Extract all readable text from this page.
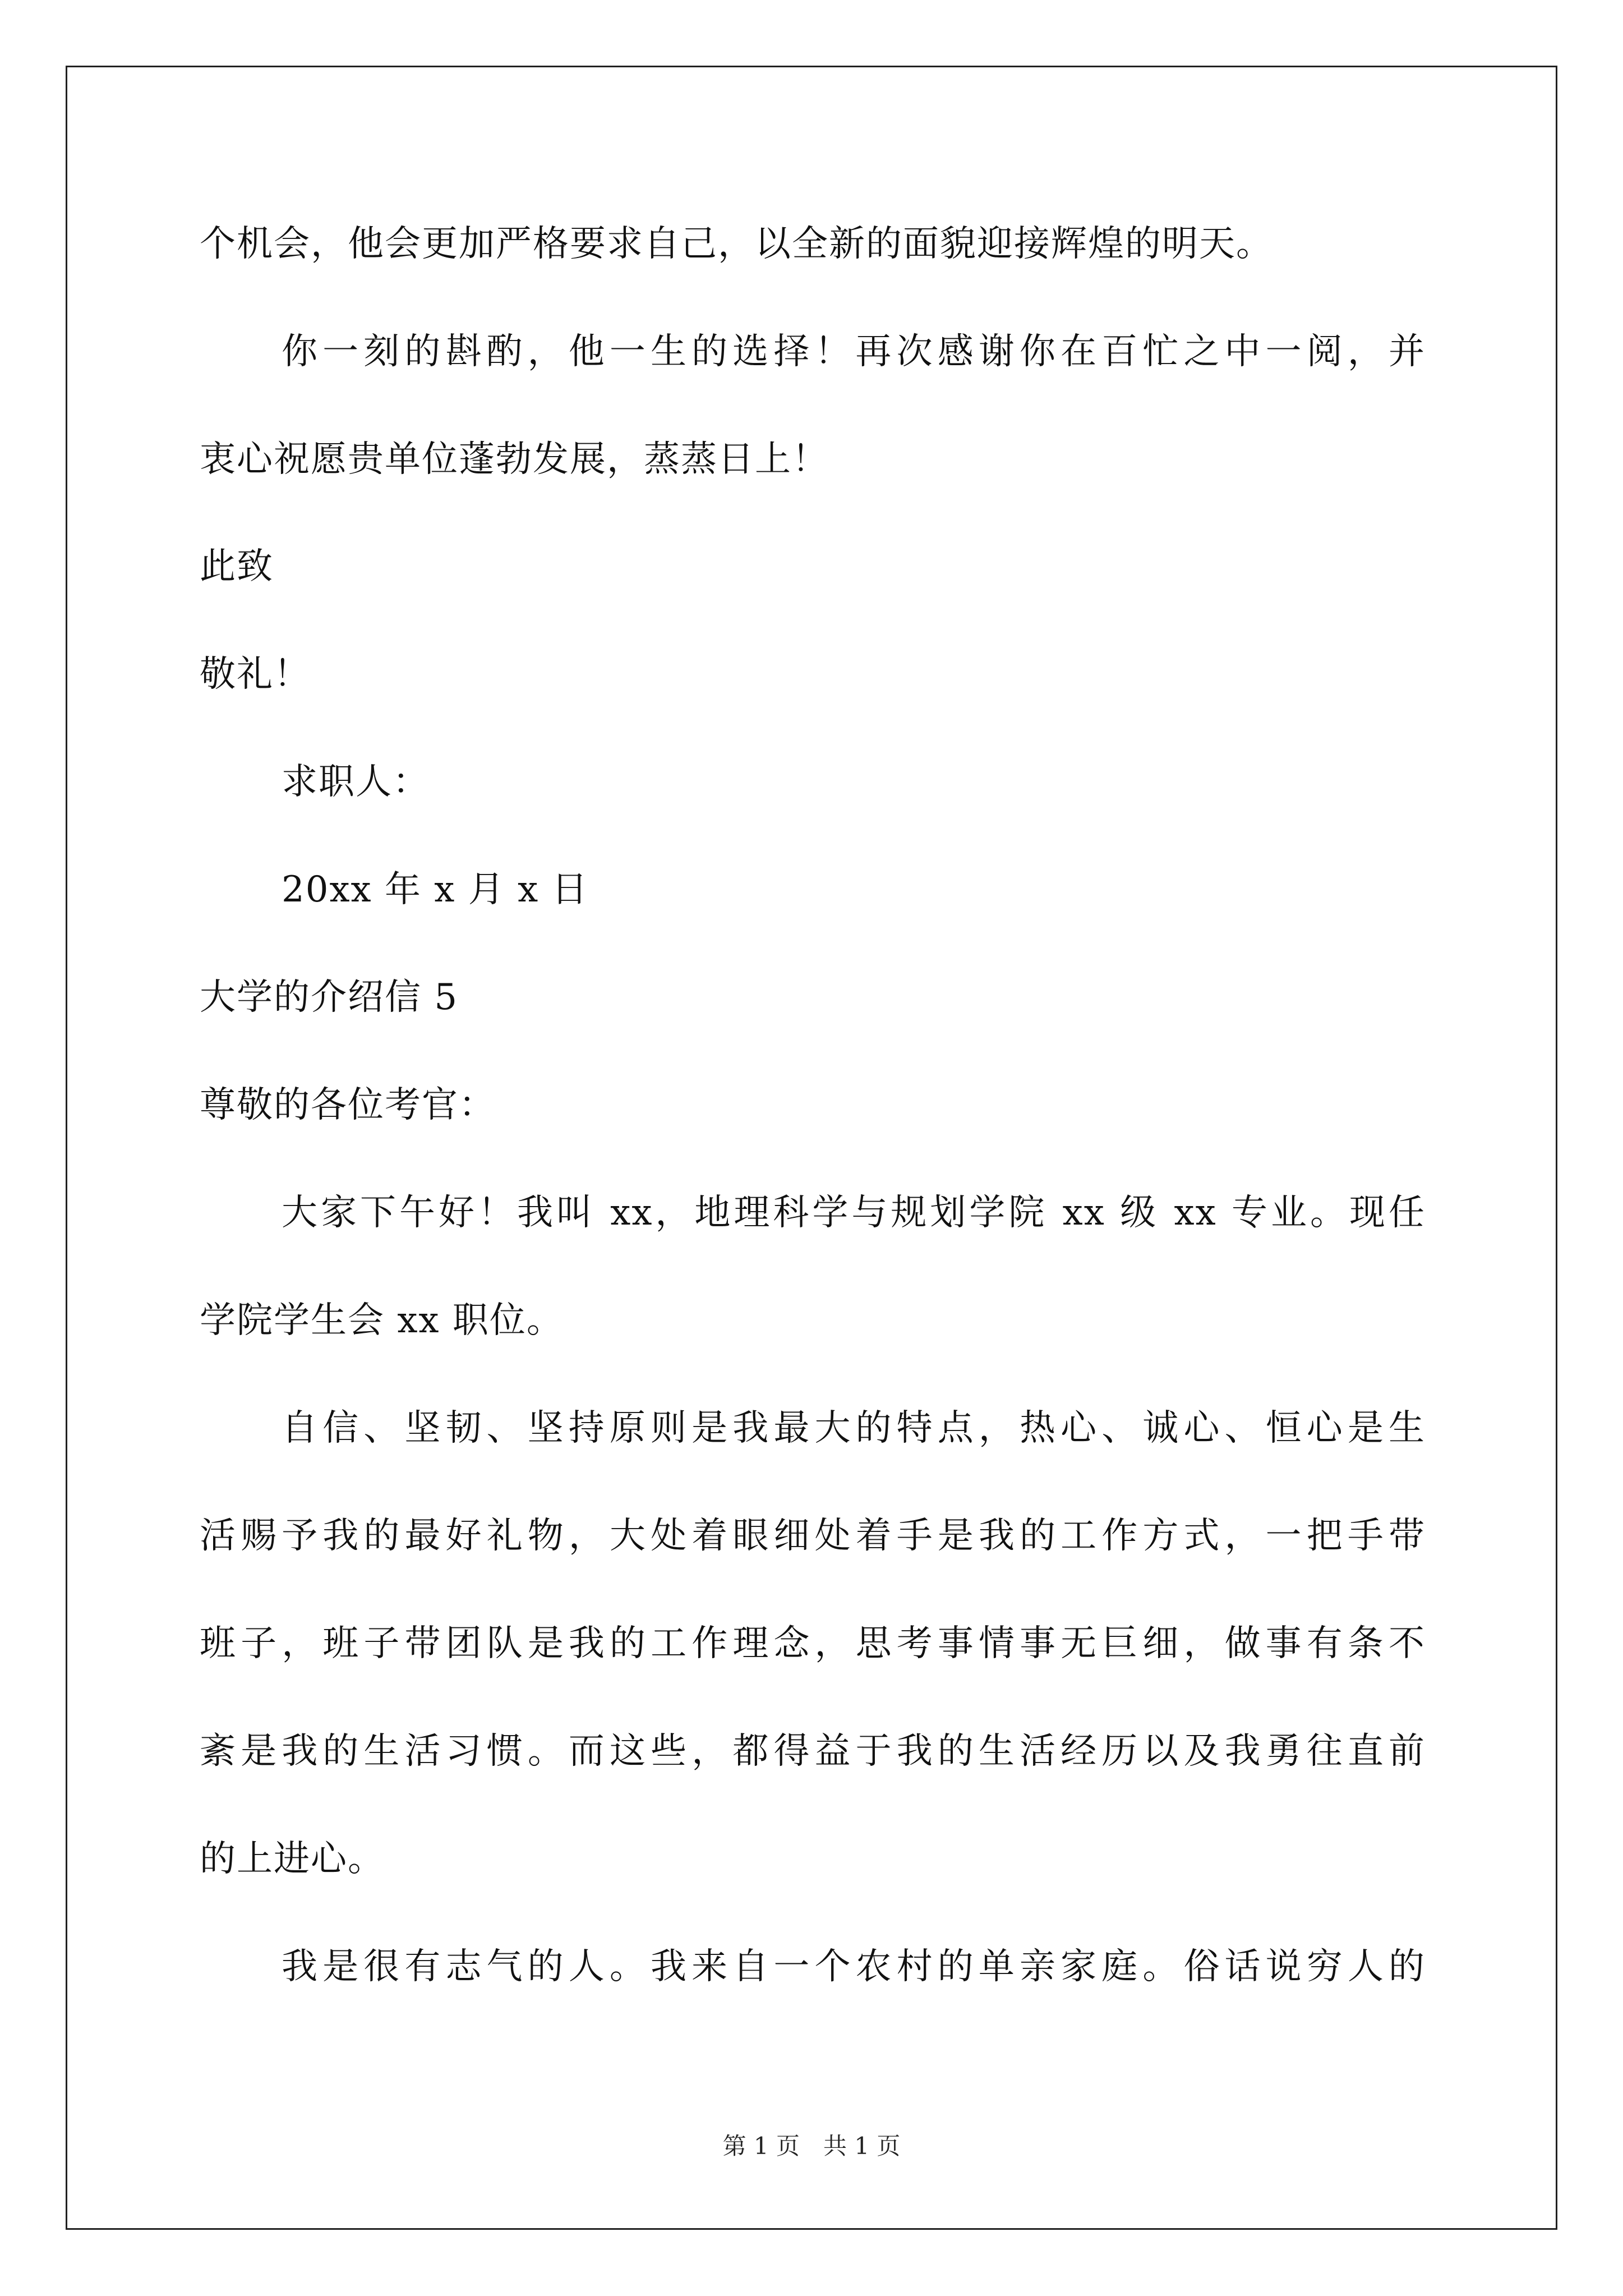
个机会，他会更加严格要求自己，以全新的面貌迎接辉煌的明天。
你一刻的斟酌，他一生的选择！再次感谢你在百忙之中一阅，并
衷心祝愿贵单位蓬勃发展，蒸蒸日上！
此致
敬礼！
求职人：
20xx 年 x 月 x 日
大学的介绍信 5
尊敬的各位考官：
大家下午好！我叫 xx，地理科学与规划学院 xx 级 xx 专业。现任
学院学生会 xx 职位。
自信、坚韧、坚持原则是我最大的特点，热心、诚心、恒心是生
活赐予我的最好礼物，大处着眼细处着手是我的工作方式，一把手带
班子，班子带团队是我的工作理念，思考事情事无巨细，做事有条不
紊是我的生活习惯。而这些，都得益于我的生活经历以及我勇往直前
的上进心。
我是很有志气的人。我来自一个农村的单亲家庭。俗话说穷人的
第 1 页　共 1 页
